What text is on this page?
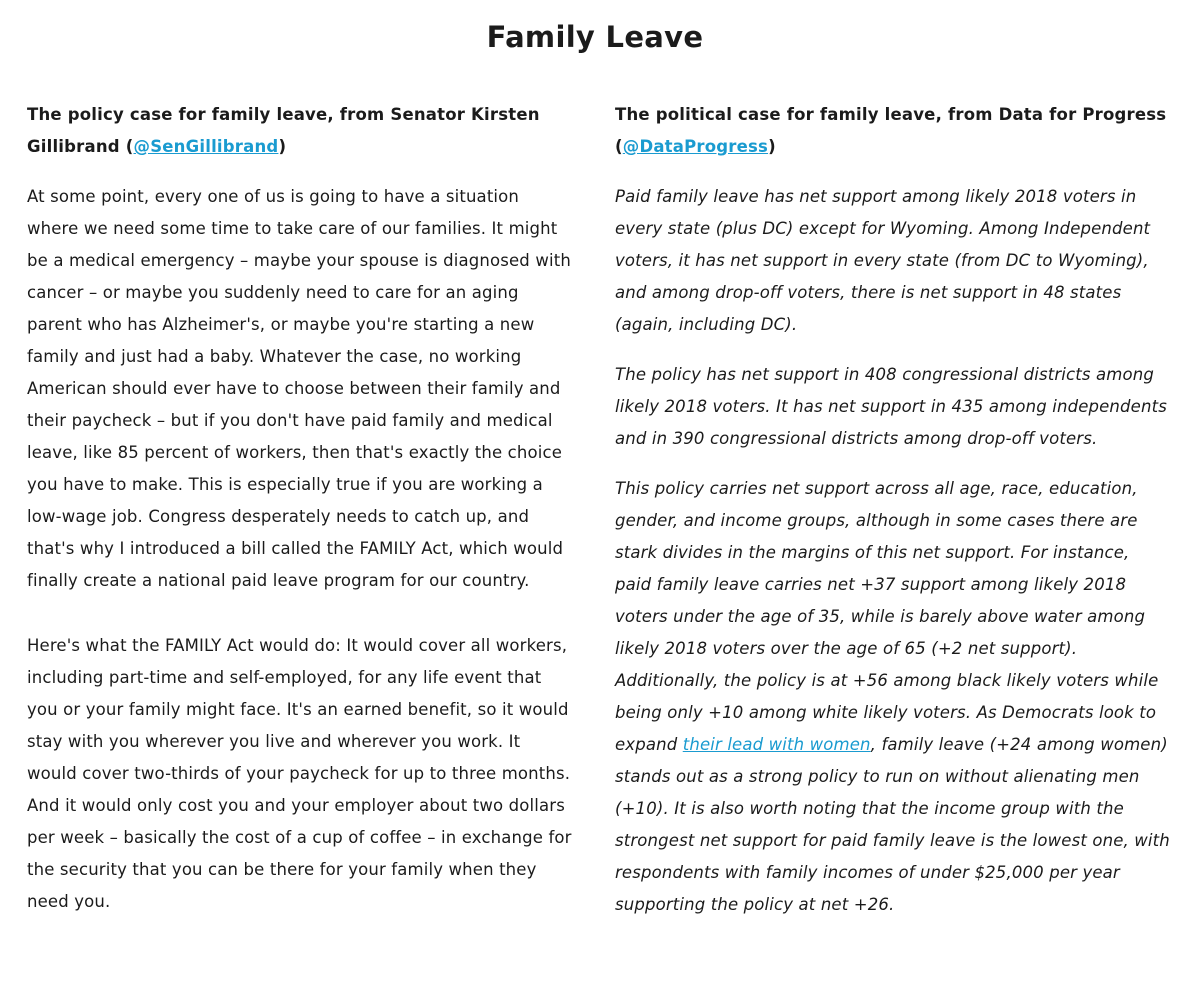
Family Leave
The policy case for family leave, from Senator Kirsten Gillibrand (@SenGillibrand)

At some point, every one of us is going to have a situation where we need some time to take care of our families. It might be a medical emergency – maybe your spouse is diagnosed with cancer – or maybe you suddenly need to care for an aging parent who has Alzheimer's, or maybe you're starting a new family and just had a baby. Whatever the case, no working American should ever have to choose between their family and their paycheck – but if you don't have paid family and medical leave, like 85 percent of workers, then that's exactly the choice you have to make. This is especially true if you are working a low-wage job. Congress desperately needs to catch up, and that's why I introduced a bill called the FAMILY Act, which would finally create a national paid leave program for our country.

Here's what the FAMILY Act would do: It would cover all workers, including part-time and self-employed, for any life event that you or your family might face. It's an earned benefit, so it would stay with you wherever you live and wherever you work. It would cover two-thirds of your paycheck for up to three months. And it would only cost you and your employer about two dollars per week – basically the cost of a cup of coffee – in exchange for the security that you can be there for your family when they need you.

The political case for family leave, from Data for Progress (@DataProgress)

Paid family leave has net support among likely 2018 voters in every state (plus DC) except for Wyoming. Among Independent voters, it has net support in every state (from DC to Wyoming), and among drop-off voters, there is net support in 48 states (again, including DC).

The policy has net support in 408 congressional districts among likely 2018 voters. It has net support in 435 among independents and in 390 congressional districts among drop-off voters.

This policy carries net support across all age, race, education, gender, and income groups, although in some cases there are stark divides in the margins of this net support. For instance, paid family leave carries net +37 support among likely 2018 voters under the age of 35, while is barely above water among likely 2018 voters over the age of 65 (+2 net support). Additionally, the policy is at +56 among black likely voters while being only +10 among white likely voters. As Democrats look to expand their lead with women, family leave (+24 among women) stands out as a strong policy to run on without alienating men (+10). It is also worth noting that the income group with the strongest net support for paid family leave is the lowest one, with respondents with family incomes of under $25,000 per year supporting the policy at net +26.
